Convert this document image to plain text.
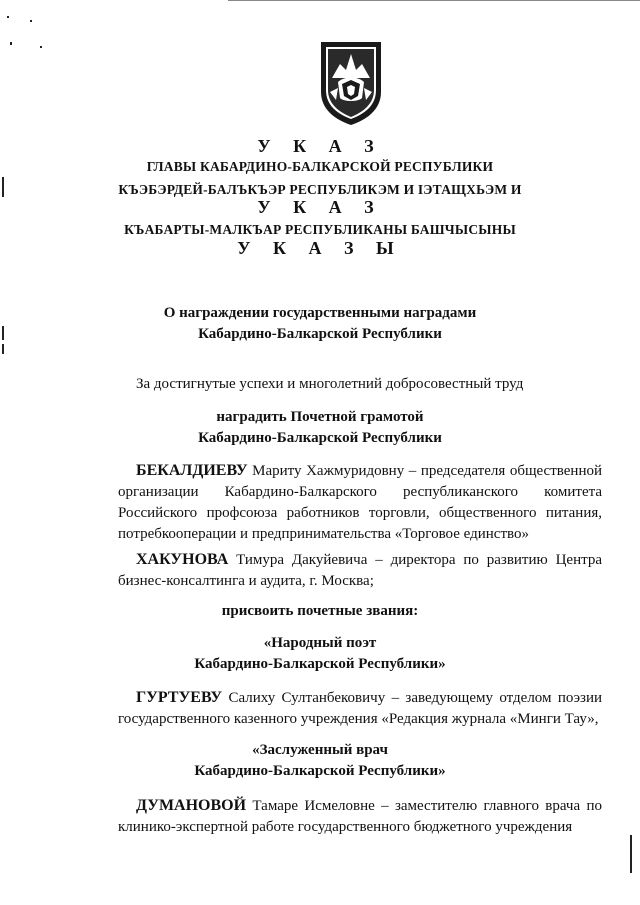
У К А З
ГЛАВЫ КАБАРДИНО-БАЛКАРСКОЙ РЕСПУБЛИКИ
КЪЭБЭРДЕЙ-БАЛЪКЪЭР РЕСПУБЛИКЭМ И ІЭТАЩХЬЭМ И
У К А З
КЪАБАРТЫ-МАЛКЪАР РЕСПУБЛИКАНЫ БАШЧЫСЫНЫ
У К А З Ы
О награждении государственными наградами
Кабардино-Балкарской Республики
За достигнутые успехи и многолетний добросовестный труд
наградить Почетной грамотой
Кабардино-Балкарской Республики
БЕКАЛДИЕВУ Мариту Хажмуридовну – председателя общественной организации Кабардино-Балкарского республиканского комитета Российского профсоюза работников торговли, общественного питания, потребкооперации и предпринимательства «Торговое единство»
ХАКУНОВА Тимура Дакуйевича – директора по развитию Центра бизнес-консалтинга и аудита, г. Москва;
присвоить почетные звания:
«Народный поэт
Кабардино-Балкарской Республики»
ГУРТУЕВУ Салиху Султанбековичу – заведующему отделом поэзии государственного казенного учреждения «Редакция журнала «Минги Тау»,
«Заслуженный врач
Кабардино-Балкарской Республики»
ДУМАНОВОЙ Тамаре Исмеловне – заместителю главного врача по клинико-экспертной работе государственного бюджетного учреждения
